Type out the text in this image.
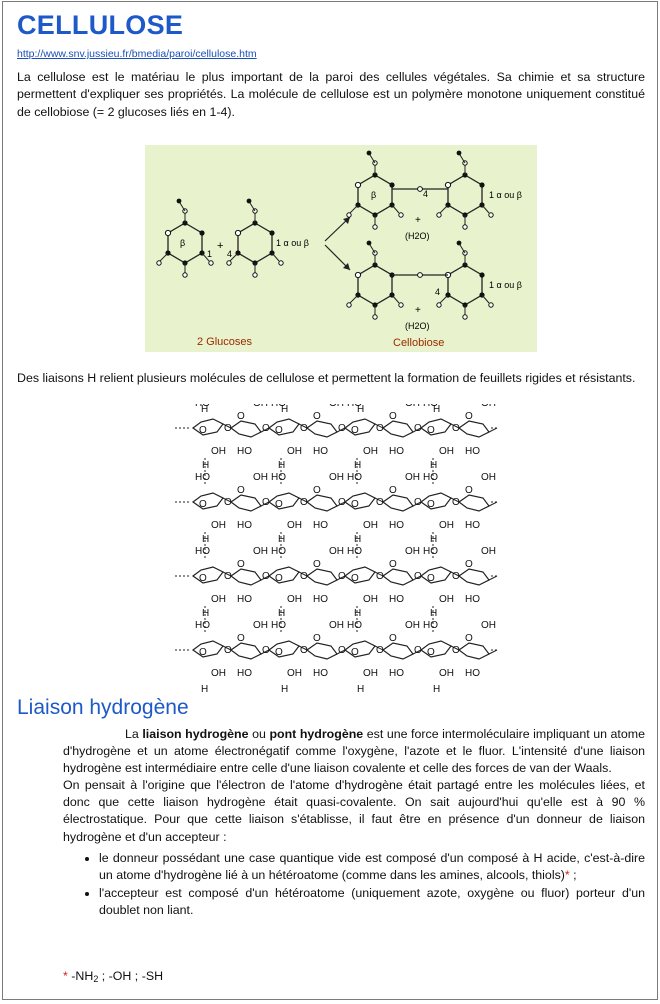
CELLULOSE
http://www.snv.jussieu.fr/bmedia/paroi/cellulose.htm

La cellulose est le matériau le plus important de la paroi des cellules végétales. Sa chimie et sa structure permettent d'expliquer ses propriétés. La molécule de cellulose est un polymère monotone uniquement constitué de cellobiose (= 2 glucoses liés en 1-4).

β
1
+
4
1 α ou β
β	4	1 α ou β
+
(H2O)
4
1 α ou β
+
(H2O)
2 Glucoses	Cellobiose

Des liaisons H relient plusieurs molécules de cellulose et permettent la formation de feuillets rigides et résistants.

O
O
OH
O
O
HO
O
O
OH
O
O
HO
O
O
OH
O
O
HO
O
O
OH
O
HO
H	H	H	H
O
O
HO
OH
O
O
HO
OH
O
O
HO
OH
O
O
HO
OH
O
O
HO
OH
O
O
HO
OH
O
O
HO
OH
O
HO
OH
H	H	H	H
O
O
HO
OH
O
O
HO
OH
O
O
HO
OH
O
O
HO
OH
O
O
HO
OH
O
O
HO
OH
O
O
HO
OH
O
HO
OH
H	H	H	H
O
O
HO
OH
O
O
HO
OH
O
O
HO
OH
O
O
HO
OH
O
O
HO
OH
O
O
HO
OH
O
O
HO
OH
O
HO
OH
H	H	H	H
H	H	H	H
Liaison hydrogène

La liaison hydrogène ou pont hydrogène est une force intermoléculaire impliquant un atome d'hydrogène et un atome électronégatif comme l'oxygène, l'azote et le fluor. L'intensité d'une liaison hydrogène est intermédiaire entre celle d'une liaison covalente et celle des forces de van der Waals.

On pensait à l'origine que l'électron de l'atome d'hydrogène était partagé entre les molécules liées, et donc que cette liaison hydrogène était quasi-covalente. On sait aujourd'hui qu'elle est à 90 % électrostatique. Pour que cette liaison s'établisse, il faut être en présence d'un donneur de liaison hydrogène et d'un accepteur :

• le donneur possédant une case quantique vide est composé d'un composé à H acide, c'est-à-dire un atome d'hydrogène lié à un hétéroatome (comme dans les amines, alcools, thiols)* ;
• l'accepteur est composé d'un hétéroatome (uniquement azote, oxygène ou fluor) porteur d'un doublet non liant.
* $-NH_2$ ; -OH ; -SH
